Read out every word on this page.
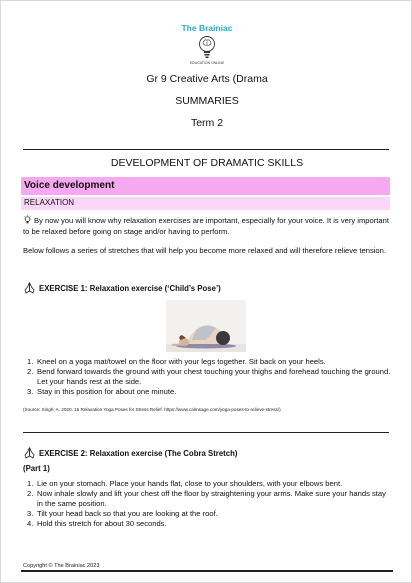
The Brainiac
EDUCATION ONLINE
Gr 9 Creative Arts (Drama
SUMMARIES
Term 2
DEVELOPMENT OF DRAMATIC SKILLS
Voice development
RELAXATION
By now you will know why relaxation exercises are important, especially for your voice. It is very important to be relaxed before going on stage and/or having to perform.
Below follows a series of stretches that will help you become more relaxed and will therefore relieve tension.
EXERCISE 1: Relaxation exercise (‘Child’s Pose’)
1. Kneel on a yoga mat/towel on the floor with your legs together. Sit back on your heels.
2. Bend forward towards the ground with your chest touching your thighs and forehead touching the ground. Let your hands rest at the side.
3. Stay in this position for about one minute.
(Source: Singh, A. 2020. 15 Relaxation Yoga Poses for Stress Relief. https://www.calmsage.com/yoga-poses-to-relieve-stress/)
EXERCISE 2: Relaxation exercise (The Cobra Stretch)
(Part 1)
1. Lie on your stomach. Place your hands flat, close to your shoulders, with your elbows bent.
2. Now inhale slowly and lift your chest off the floor by straightening your arms. Make sure your hands stay in the same position.
3. Tilt your head back so that you are looking at the roof.
4. Hold this stretch for about 30 seconds.
Copyright © The Brainiac 2023
